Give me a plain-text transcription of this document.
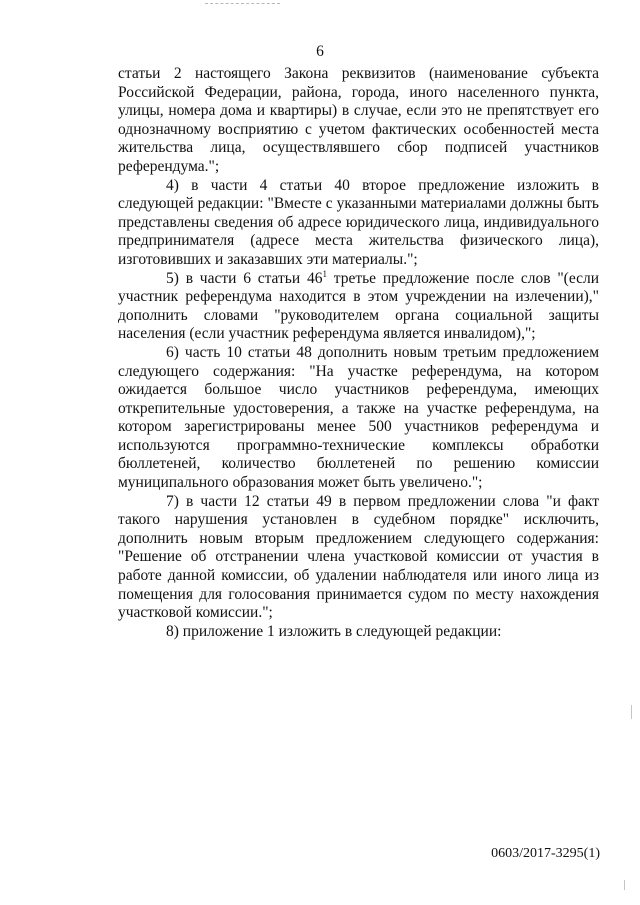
6

статьи 2 настоящего Закона реквизитов (наименование субъекта Российской Федерации, района, города, иного населенного пункта, улицы, номера дома и квартиры) в случае, если это не препятствует его однозначному восприятию с учетом фактических особенностей места жительства лица, осуществлявшего сбор подписей участников референдума.";

4) в части 4 статьи 40 второе предложение изложить в следующей редакции: "Вместе с указанными материалами должны быть представлены сведения об адресе юридического лица, индивидуального предпринимателя (адресе места жительства физического лица), изготовивших и заказавших эти материалы.";

5) в части 6 статьи $46^1$ третье предложение после слов "(если участник референдума находится в этом учреждении на излечении)," дополнить словами "руководителем органа социальной защиты населения (если участник референдума является инвалидом),";

6) часть 10 статьи 48 дополнить новым третьим предложением следующего содержания: "На участке референдума, на котором ожидается большое число участников референдума, имеющих открепительные удостоверения, а также на участке референдума, на котором зарегистрированы менее 500 участников референдума и используются программно-технические комплексы обработки бюллетеней, количество бюллетеней по решению комиссии муниципального образования может быть увеличено.";

7) в части 12 статьи 49 в первом предложении слова "и факт такого нарушения установлен в судебном порядке" исключить, дополнить новым вторым предложением следующего содержания: "Решение об отстранении члена участковой комиссии от участия в работе данной комиссии, об удалении наблюдателя или иного лица из помещения для голосования принимается судом по месту нахождения участковой комиссии.";

8) приложение 1 изложить в следующей редакции:

0603/2017-3295(1)
